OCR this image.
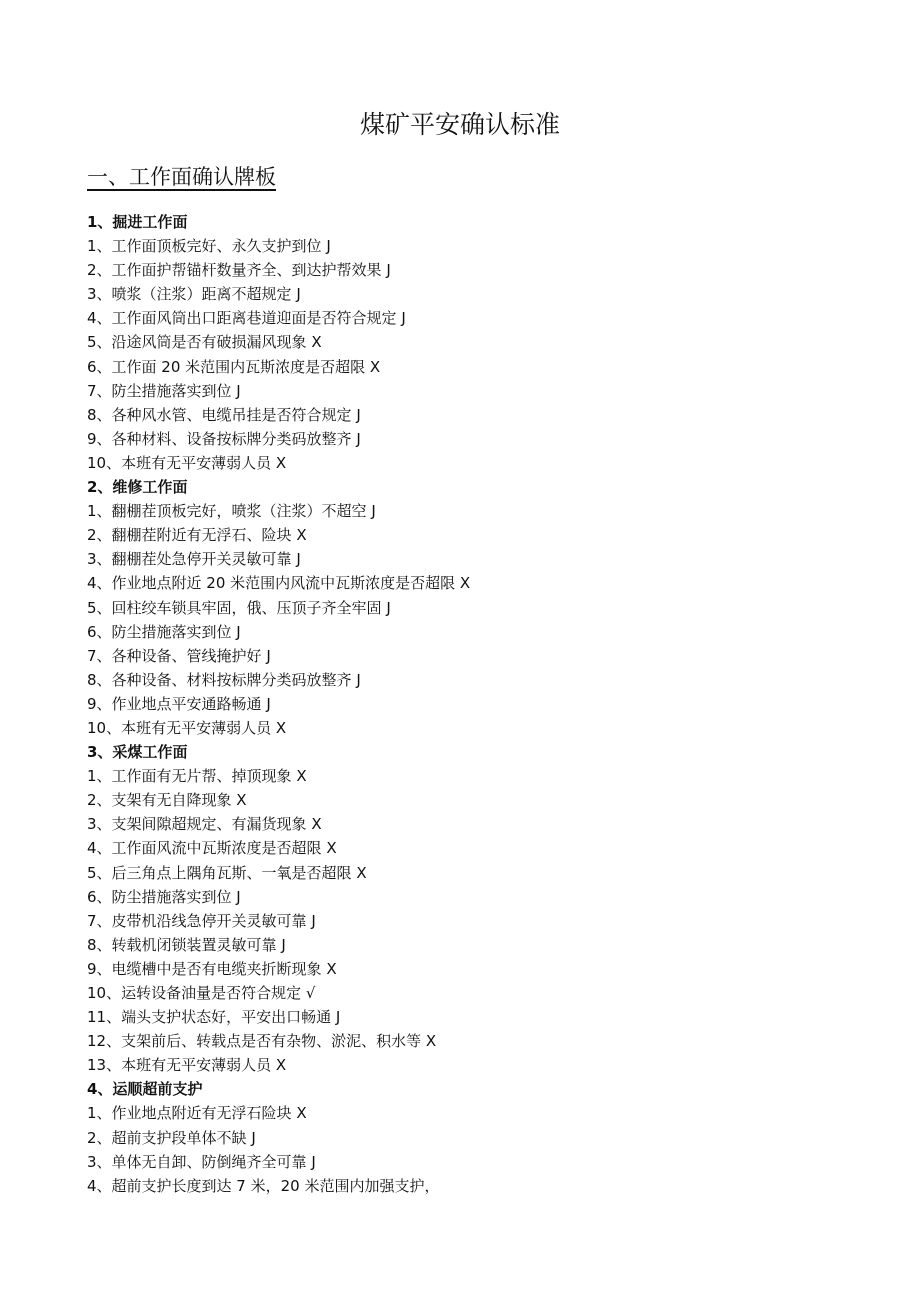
煤矿平安确认标准
一、工作面确认牌板
1、掘进工作面
1、工作面顶板完好、永久支护到位 J
2、工作面护帮锚杆数量齐全、到达护帮效果 J
3、喷浆（注浆）距离不超规定 J
4、工作面风筒出口距离巷道迎面是否符合规定 J
5、沿途风筒是否有破损漏风现象 X
6、工作面 20 米范围内瓦斯浓度是否超限 X
7、防尘措施落实到位 J
8、各种风水管、电缆吊挂是否符合规定 J
9、各种材料、设备按标牌分类码放整齐 J
10、本班有无平安薄弱人员 X
2、维修工作面
1、翻棚茬顶板完好，喷浆（注浆）不超空 J
2、翻棚茬附近有无浮石、险块 X
3、翻棚茬处急停开关灵敏可靠 J
4、作业地点附近 20 米范围内风流中瓦斯浓度是否超限 X
5、回柱绞车锁具牢固，俄、压顶子齐全牢固 J
6、防尘措施落实到位 J
7、各种设备、管线掩护好 J
8、各种设备、材料按标牌分类码放整齐 J
9、作业地点平安通路畅通 J
10、本班有无平安薄弱人员 X
3、采煤工作面
1、工作面有无片帮、掉顶现象 X
2、支架有无自降现象 X
3、支架间隙超规定、有漏货现象 X
4、工作面风流中瓦斯浓度是否超限 X
5、后三角点上隅角瓦斯、一氧是否超限 X
6、防尘措施落实到位 J
7、皮带机沿线急停开关灵敏可靠 J
8、转载机闭锁装置灵敏可靠 J
9、电缆槽中是否有电缆夹折断现象 X
10、运转设备油量是否符合规定 √
11、端头支护状态好，平安出口畅通 J
12、支架前后、转载点是否有杂物、淤泥、积水等 X
13、本班有无平安薄弱人员 X
4、运顺超前支护
1、作业地点附近有无浮石险块 X
2、超前支护段单体不缺 J
3、单体无自卸、防倒绳齐全可靠 J
4、超前支护长度到达 7 米，20 米范围内加强支护，
